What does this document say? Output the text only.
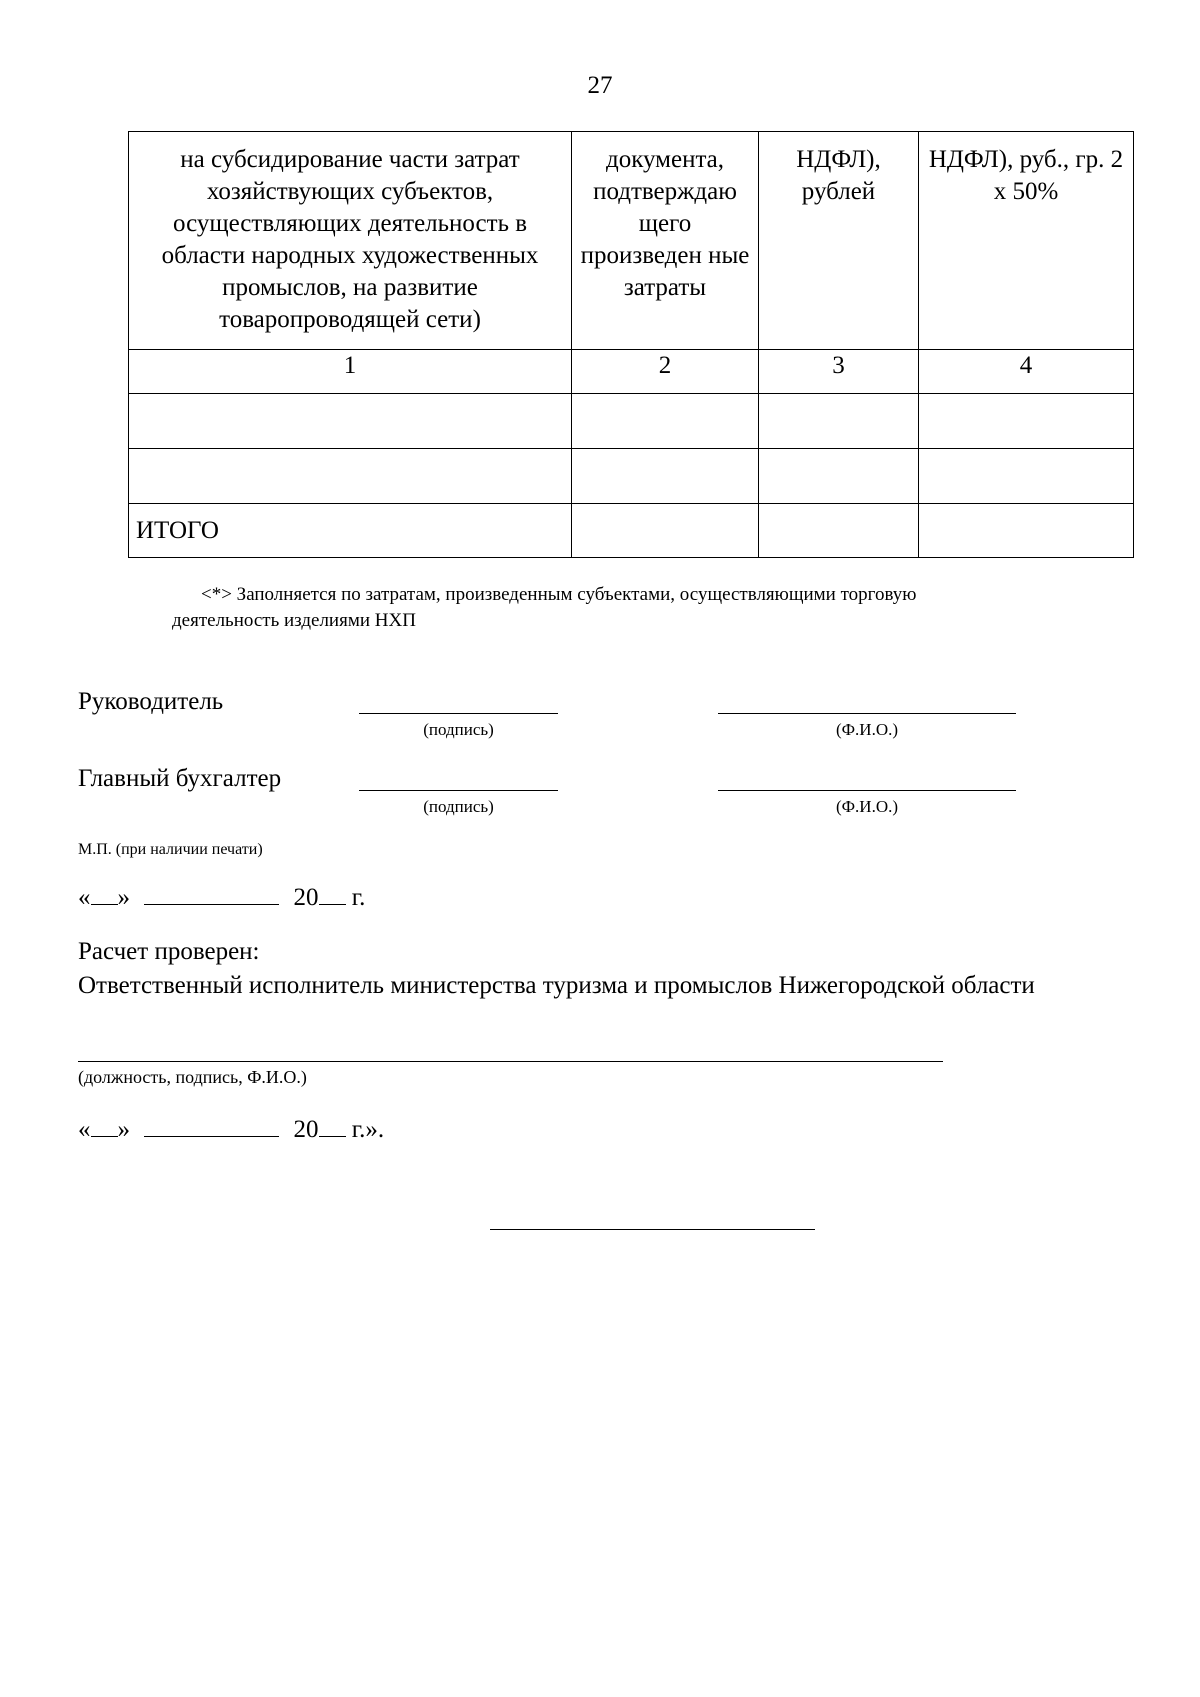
27
на субсидирование части затрат хозяйствующих субъектов, осуществляющих деятельность в области народных художественных промыслов, на развитие товаропроводящей сети)	документа, подтверждаю щего произведен ные затраты	НДФЛ), рублей	НДФЛ), руб., гр. 2 x 50%

1	2	3	4

ИТОГО			
<*> Заполняется по затратам, произведенным субъектами, осуществляющими торговую
деятельность изделиями НХП
Руководитель
(подпись)	(Ф.И.О.)
Главный бухгалтер
(подпись)	(Ф.И.О.)
М.П. (при наличии печати)
« »	20 г.
Расчет проверен:
Ответственный исполнитель министерства туризма и промыслов Нижегородской области
(должность, подпись, Ф.И.О.)
« »	20 г.».
